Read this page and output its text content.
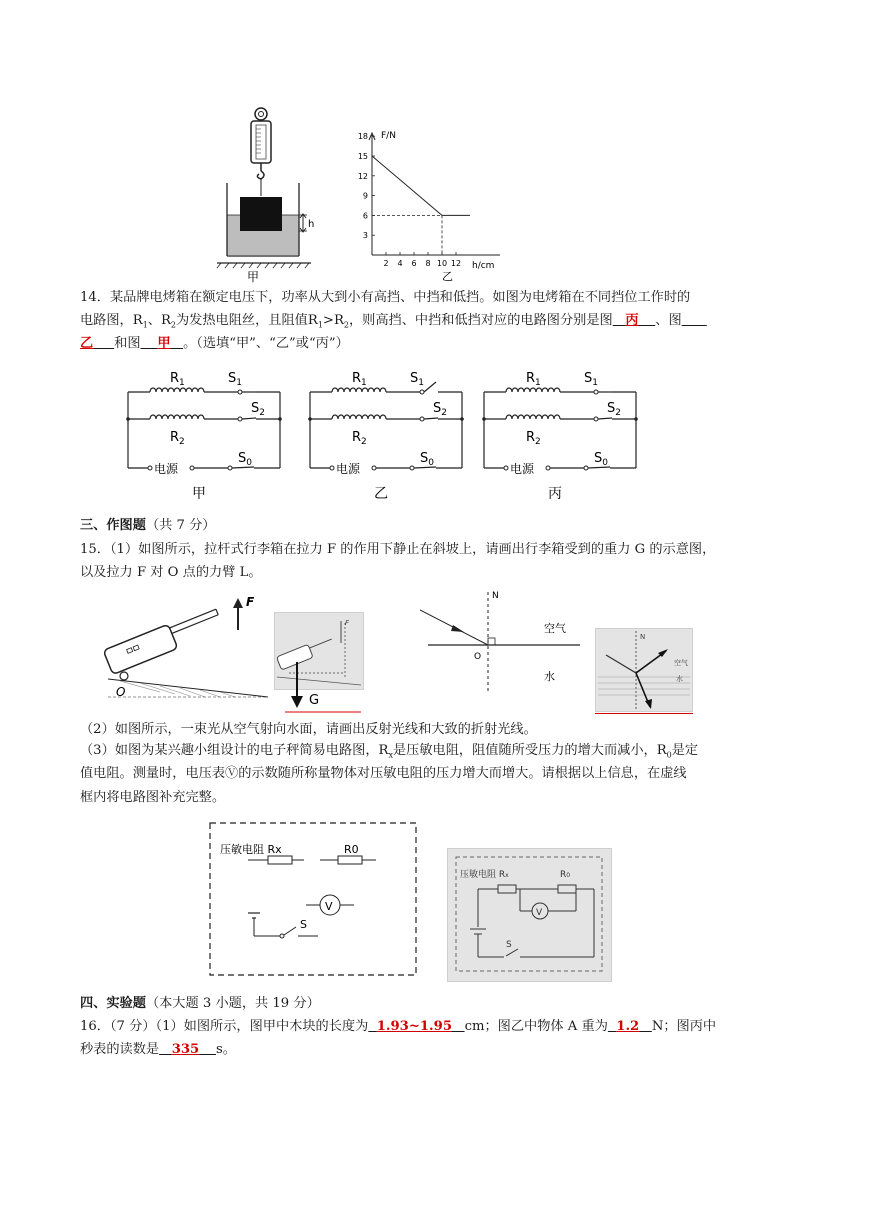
h
甲
F/N
h/cm
3
6
9
12
15
18
2 4 6 8 10 12
乙
14．某品牌电烤箱在额定电压下，功率从大到小有高挡、中挡和低挡。如图为电烤箱在不同挡位工作时的
电路图，$R_1$、$R_2$为发热电阻丝，且阻值$R_1>R_2$，则高挡、中挡和低挡对应的电路图分别是图 丙 、图
乙 和图 甲 。（选填“甲”、“乙”或“丙”）
电源
$R_1$	$S_1$
$S_2$
$R_2$
$S_0$
甲
电源
$R_1$	$S_1$
$S_2$
$R_2$
$S_0$
乙
电源
$R_1$	$S_1$
$S_2$
$R_2$
$S_0$
丙
三、作图题（共 7 分）
15．（1）如图所示，拉杆式行李箱在拉力 F 的作用下静止在斜坡上，请画出行李箱受到的重力 G 的示意图，
以及拉力 F 对 O 点的力臂 L。
F
O
F
G
N
O
空气
水
N
空气
水
（2）如图所示，一束光从空气射向水面，请画出反射光线和大致的折射光线。
（3）如图为某兴趣小组设计的电子秤简易电路图，$R_x$是压敏电阻，阻值随所受压力的增大而减小，$R_0$是定
值电阻。测量时，电压表Ⓥ的示数随所称量物体对压敏电阻的压力增大而增大。请根据以上信息，在虚线
框内将电路图补充完整。
压敏电阻 Rx	R0
V
S
压敏电阻 Rx	R0
V
S
四、实验题（本大题 3 小题，共 19 分）
16．（7 分）（1）如图所示，图甲中木块的长度为 1.93~1.95 cm；图乙中物体 A 重为 1.2 N；图丙中
秒表的读数是 335 s。
